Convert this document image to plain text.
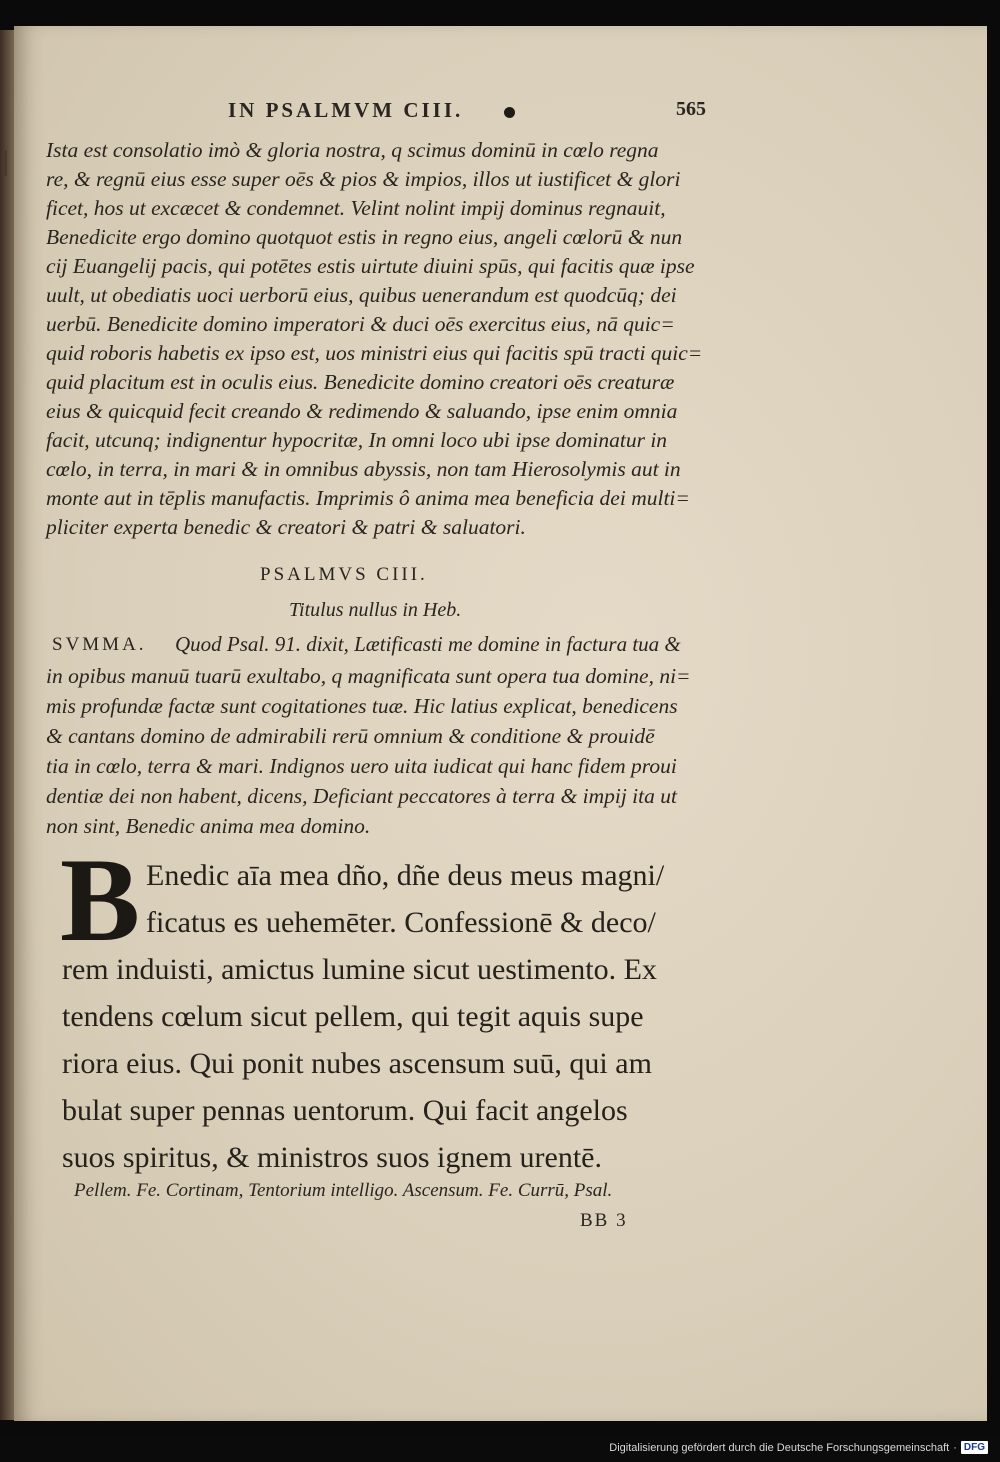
IN PSALMVM CIII.	565
Ista est consolatio imò & gloria nostra, q scimus dominū in cœlo regna
re, & regnū eius esse super oēs & pios & impios, illos ut iustificet & glori
ficet, hos ut excæcet & condemnet. Velint nolint impij dominus regnauit,
Benedicite ergo domino quotquot estis in regno eius, angeli cœlorū & nun
cij Euangelij pacis, qui potētes estis uirtute diuini spūs, qui facitis quæ ipse
uult, ut obediatis uoci uerborū eius, quibus uenerandum est quodcūq; dei
uerbū. Benedicite domino imperatori & duci oēs exercitus eius, nā quic=
quid roboris habetis ex ipso est, uos ministri eius qui facitis spū tracti quic=
quid placitum est in oculis eius. Benedicite domino creatori oēs creaturæ
eius & quicquid fecit creando & redimendo & saluando, ipse enim omnia
facit, utcunq; indignentur hypocritæ, In omni loco ubi ipse dominatur in
cœlo, in terra, in mari & in omnibus abyssis, non tam Hierosolymis aut in
monte aut in tēplis manufactis. Imprimis ô anima mea beneficia dei multi=
pliciter experta benedic & creatori & patri & saluatori.
PSALMVS CIII.
Titulus nullus in Heb.
SVMMA. Quod Psal. 91. dixit, Lætificasti me domine in factura tua &
in opibus manuū tuarū exultabo, q magnificata sunt opera tua domine, ni=
mis profundæ factæ sunt cogitationes tuæ. Hic latius explicat, benedicens
& cantans domino de admirabili rerū omnium & conditione & prouidē
tia in cœlo, terra & mari. Indignos uero uita iudicat qui hanc fidem proui
dentiæ dei non habent, dicens, Deficiant peccatores à terra & impij ita ut
non sint, Benedic anima mea domino.
B Enedic aīa mea dño, dñe deus meus magni/
ficatus es uehemēter. Confessionē & deco/
rem induisti, amictus lumine sicut uestimento. Ex
tendens cœlum sicut pellem, qui tegit aquis supe
riora eius. Qui ponit nubes ascensum suū, qui am
bulat super pennas uentorum. Qui facit angelos
suos spiritus, & ministros suos ignem urentē.
Pellem. Fe. Cortinam, Tentorium intelligo. Ascensum. Fe. Currū, Psal.
BB 3
Digitalisierung gefördert durch die Deutsche Forschungsgemeinschaft · DFG
